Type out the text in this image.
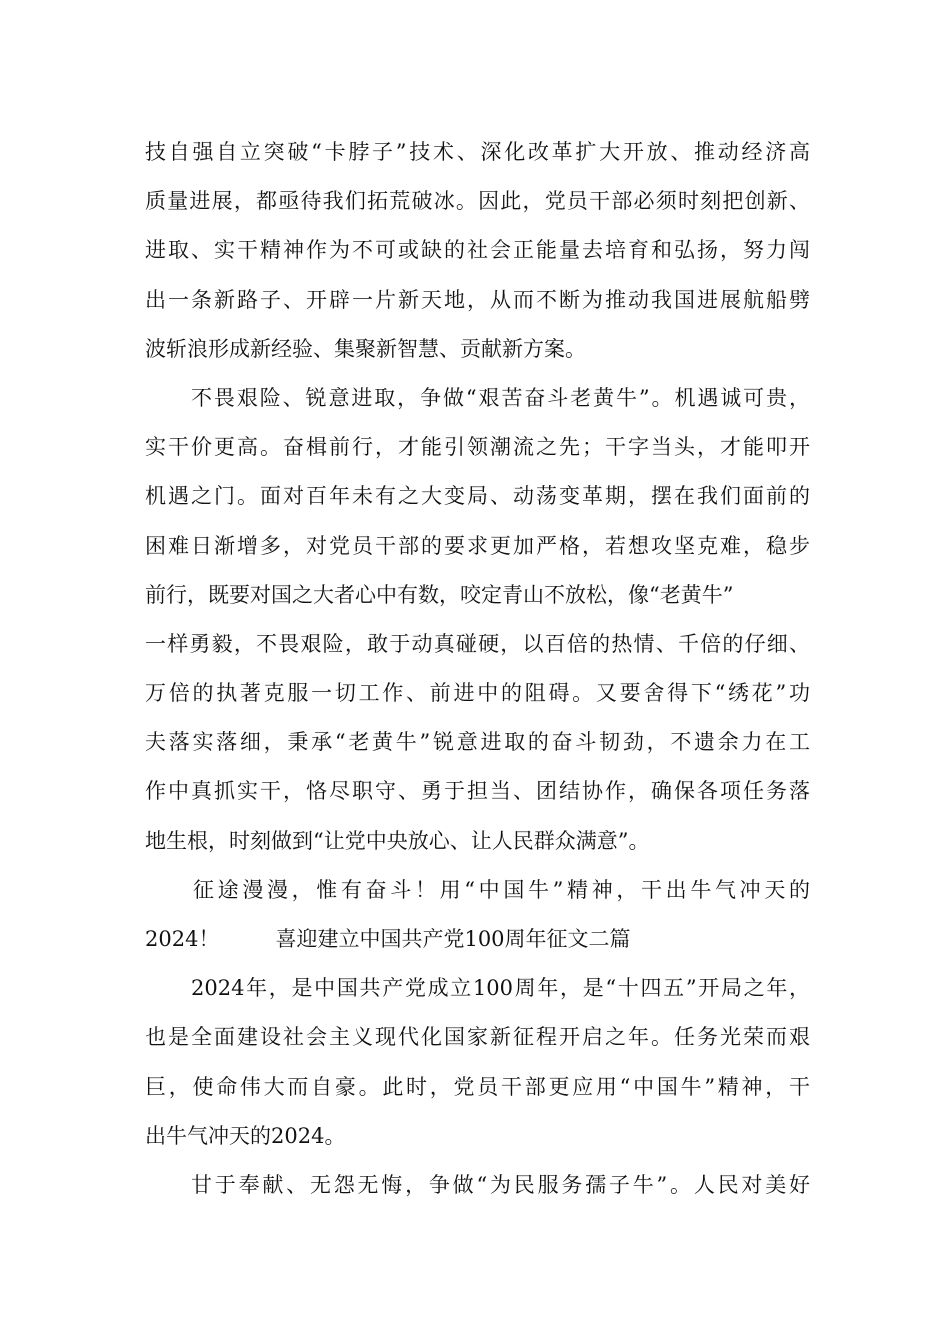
技自强自立突破“卡脖子”技术、深化改革扩大开放、推动经济高
质量进展，都亟待我们拓荒破冰。因此，党员干部必须时刻把创新、
进取、实干精神作为不可或缺的社会正能量去培育和弘扬，努力闯
出一条新路子、开辟一片新天地，从而不断为推动我国进展航船劈
波斩浪形成新经验、集聚新智慧、贡献新方案。
不畏艰险、锐意进取，争做“艰苦奋斗老黄牛”。机遇诚可贵，
实干价更高。奋楫前行，才能引领潮流之先；干字当头，才能叩开
机遇之门。面对百年未有之大变局、动荡变革期，摆在我们面前的
困难日渐增多，对党员干部的要求更加严格，若想攻坚克难，稳步
前行，既要对国之大者心中有数，咬定青山不放松，像“老黄牛”
一样勇毅，不畏艰险，敢于动真碰硬，以百倍的热情、千倍的仔细、
万倍的执著克服一切工作、前进中的阻碍。又要舍得下“绣花”功
夫落实落细，秉承“老黄牛”锐意进取的奋斗韧劲，不遗余力在工
作中真抓实干，恪尽职守、勇于担当、团结协作，确保各项任务落
地生根，时刻做到“让党中央放心、让人民群众满意”。
征途漫漫，惟有奋斗！用“中国牛”精神，干出牛气冲天的
2024！	喜迎建立中国共产党100周年征文二篇
2024年，是中国共产党成立100周年，是“十四五”开局之年，
也是全面建设社会主义现代化国家新征程开启之年。任务光荣而艰
巨，使命伟大而自豪。此时，党员干部更应用“中国牛”精神，干
出牛气冲天的2024。
甘于奉献、无怨无悔，争做“为民服务孺子牛”。人民对美好
